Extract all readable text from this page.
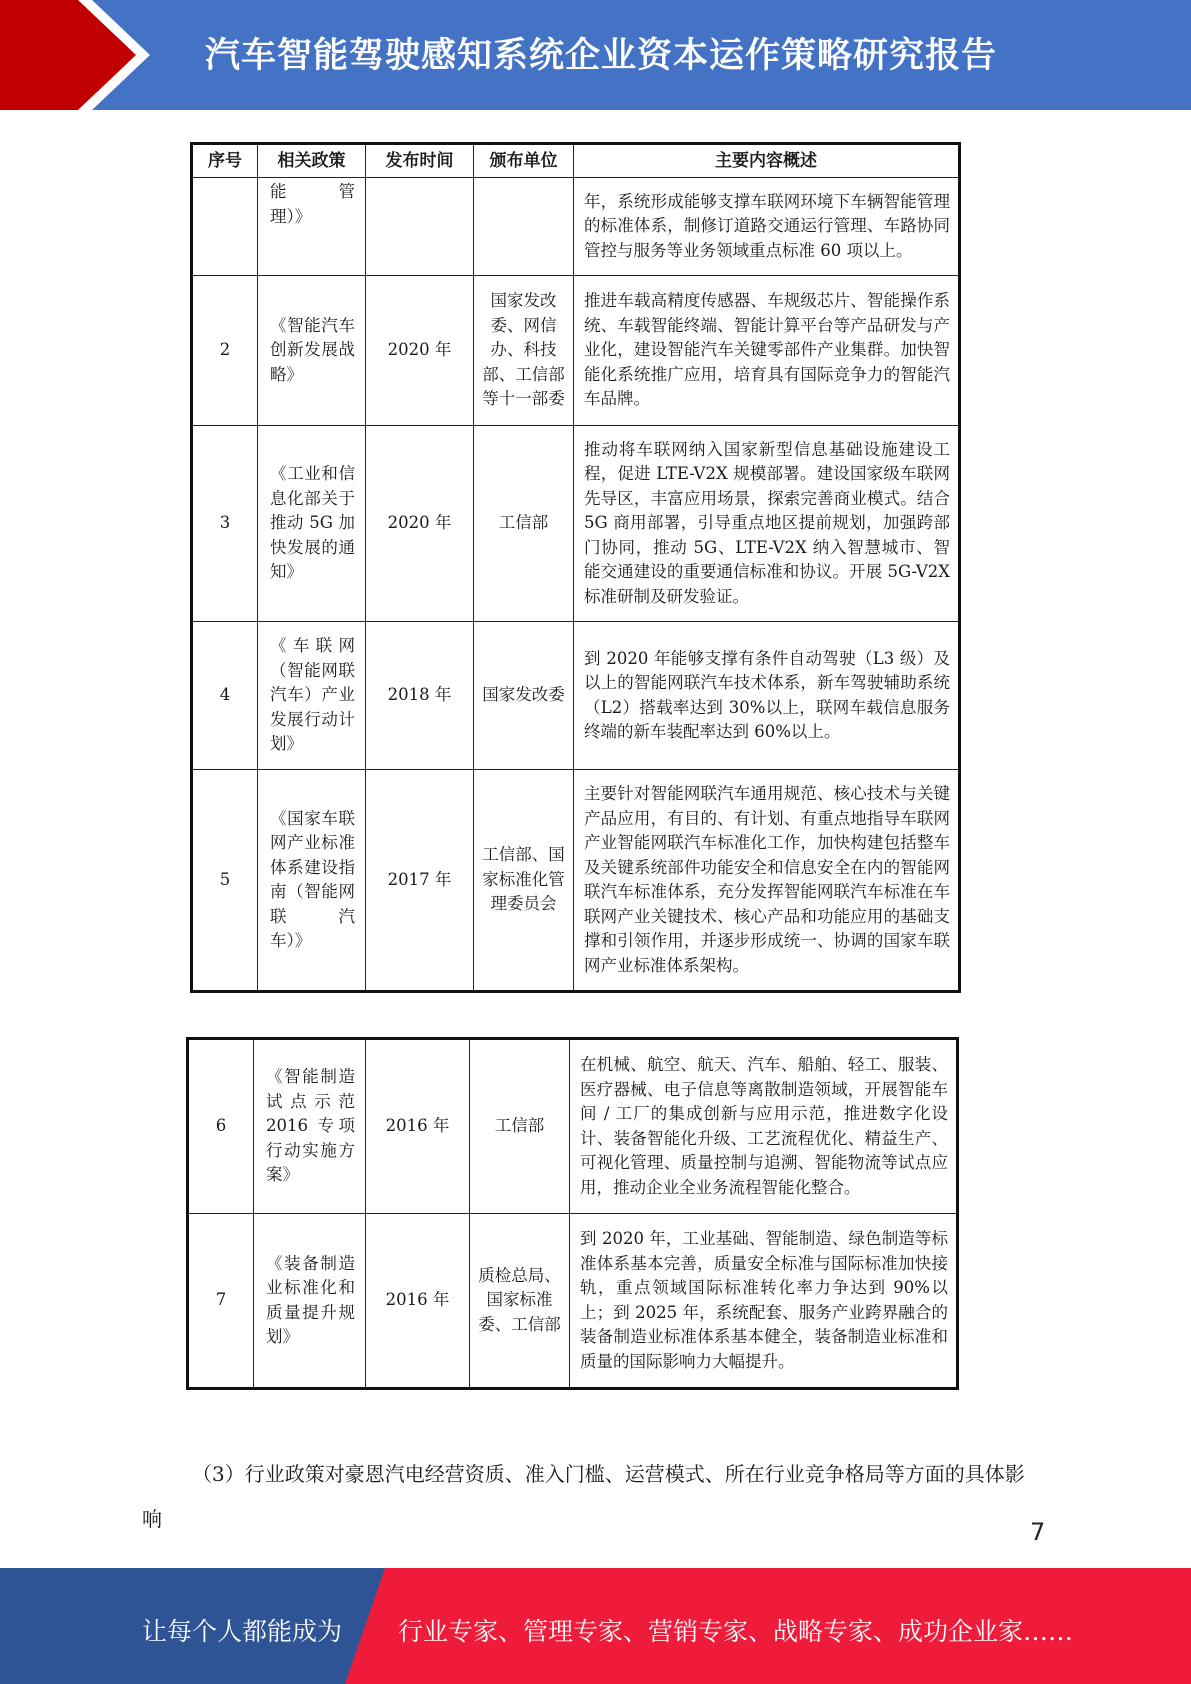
汽车智能驾驶感知系统企业资本运作策略研究报告
序号	相关政策	发布时间	颁布单位	主要内容概述
	能　　管理）》			年，系统形成能够支撑车联网环境下车辆智能管理的标准体系，制修订道路交通运行管理、车路协同管控与服务等业务领域重点标准 60 项以上。
2	《智能汽车创新发展战略》	2020 年	国家发改委、网信办、科技部、工信部等十一部委	推进车载高精度传感器、车规级芯片、智能操作系统、车载智能终端、智能计算平台等产品研发与产业化，建设智能汽车关键零部件产业集群。加快智能化系统推广应用，培育具有国际竞争力的智能汽车品牌。
3	《工业和信息化部关于推动 5G 加快发展的通知》	2020 年	工信部	推动将车联网纳入国家新型信息基础设施建设工程，促进 LTE-V2X 规模部署。建设国家级车联网先导区，丰富应用场景，探索完善商业模式。结合 5G 商用部署，引导重点地区提前规划，加强跨部门协同，推动 5G、LTE-V2X 纳入智慧城市、智能交通建设的重要通信标准和协议。开展 5G-V2X 标准研制及研发验证。
4	《车联网（智能网联汽车）产业发展行动计划》	2018 年	国家发改委	到 2020 年能够支撑有条件自动驾驶（L3 级）及以上的智能网联汽车技术体系，新车驾驶辅助系统（L2）搭载率达到 30%以上，联网车载信息服务终端的新车装配率达到 60%以上。
5	《国家车联网产业标准体系建设指南（智能网联　汽　车）》	2017 年	工信部、国家标准化管理委员会	主要针对智能网联汽车通用规范、核心技术与关键产品应用，有目的、有计划、有重点地指导车联网产业智能网联汽车标准化工作，加快构建包括整车及关键系统部件功能安全和信息安全在内的智能网联汽车标准体系，充分发挥智能网联汽车标准在车联网产业关键技术、核心产品和功能应用的基础支撑和引领作用，并逐步形成统一、协调的国家车联网产业标准体系架构。
6	《智能制造试点示范 2016 专项行动实施方案》	2016 年	工信部	在机械、航空、航天、汽车、船舶、轻工、服装、医疗器械、电子信息等离散制造领域，开展智能车间 / 工厂的集成创新与应用示范，推进数字化设计、装备智能化升级、工艺流程优化、精益生产、可视化管理、质量控制与追溯、智能物流等试点应用，推动企业全业务流程智能化整合。
7	《装备制造业标准化和质量提升规划》	2016 年	质检总局、国家标准委、工信部	到 2020 年，工业基础、智能制造、绿色制造等标准体系基本完善，质量安全标准与国际标准加快接轨，重点领域国际标准转化率力争达到 90%以上；到 2025 年，系统配套、服务产业跨界融合的装备制造业标准体系基本健全，装备制造业标准和质量的国际影响力大幅提升。

（3）行业政策对豪恩汽电经营资质、准入门槛、运营模式、所在行业竞争格局等方面的具体影响	7
让每个人都能成为 行业专家、管理专家、营销专家、战略专家、成功企业家……
